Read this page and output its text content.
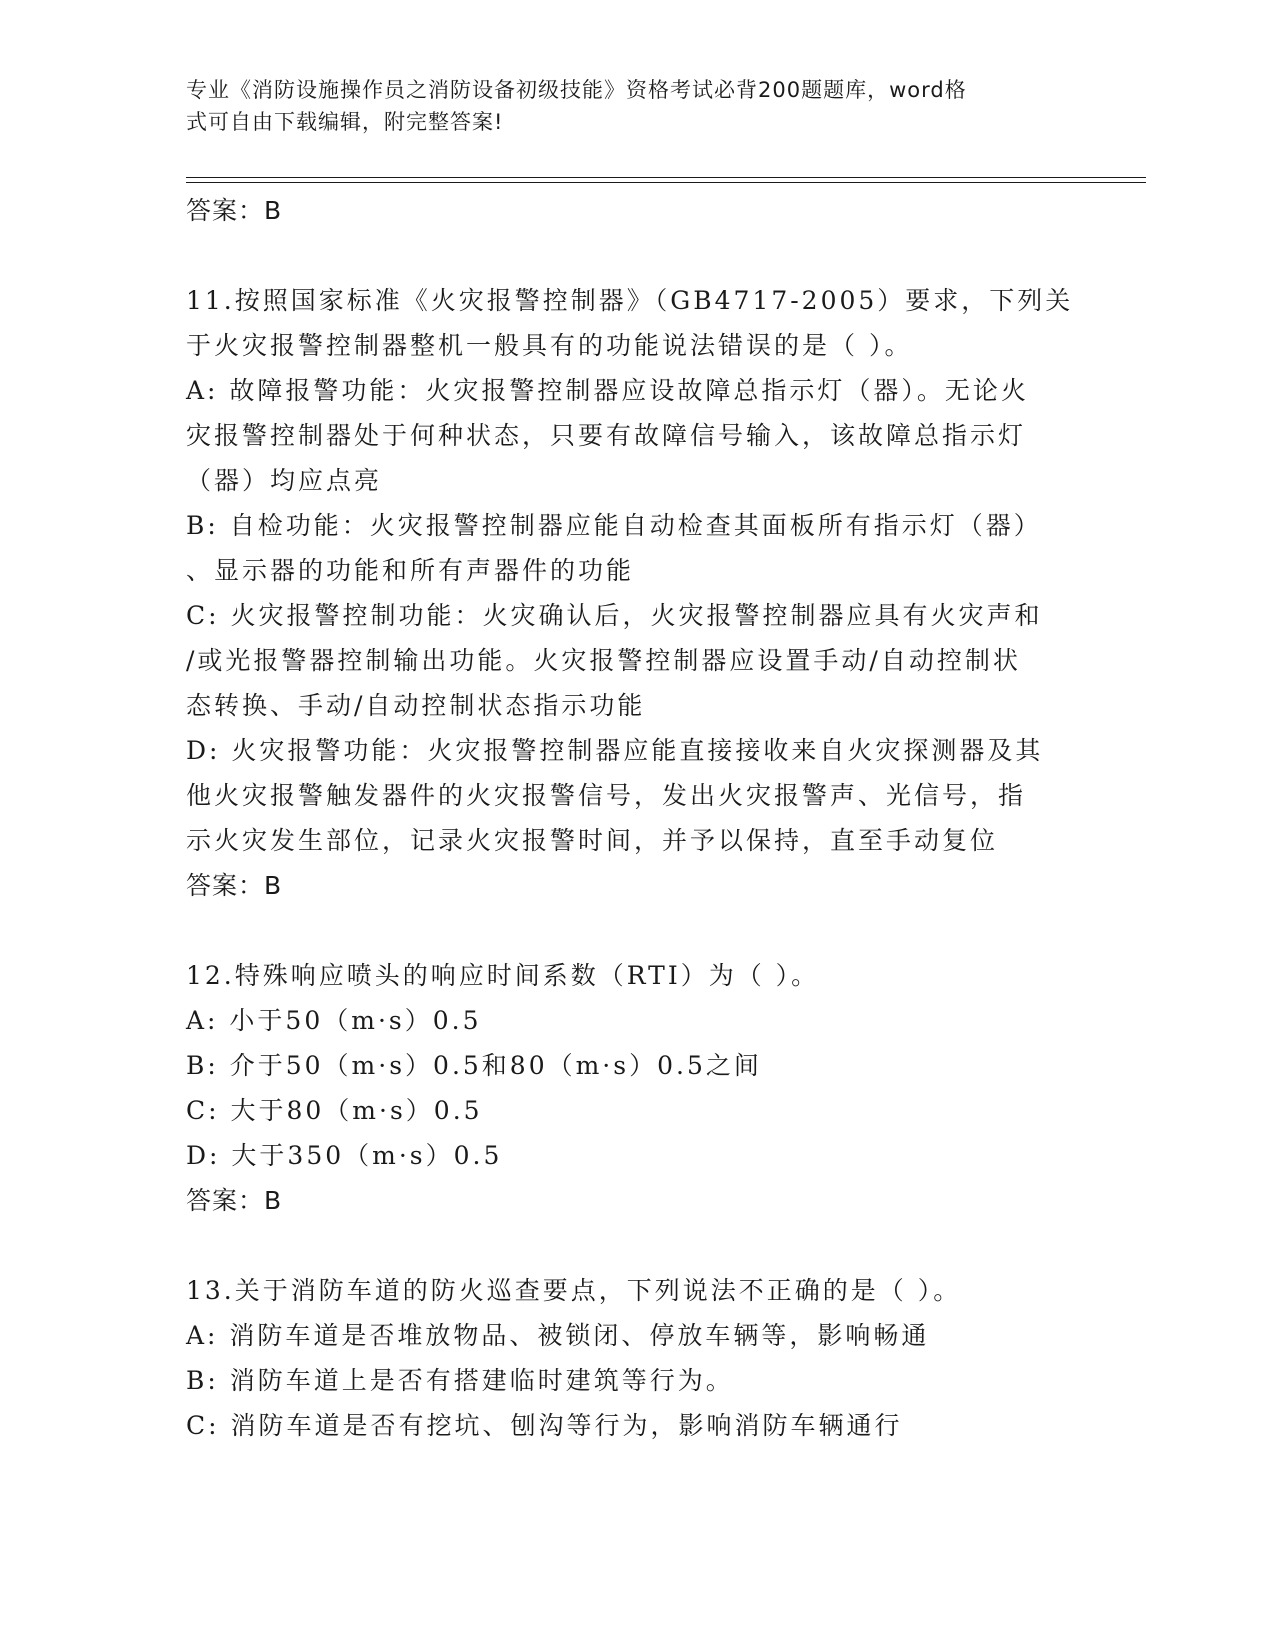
专业《消防设施操作员之消防设备初级技能》资格考试必背200题题库，word格
式可自由下载编辑，附完整答案!
答案：B
11.按照国家标准《火灾报警控制器》（GB4717-2005）要求，下列关
于火灾报警控制器整机一般具有的功能说法错误的是（ ）。
A: 故障报警功能：火灾报警控制器应设故障总指示灯（器）。无论火
灾报警控制器处于何种状态，只要有故障信号输入，该故障总指示灯
（器）均应点亮
B: 自检功能：火灾报警控制器应能自动检查其面板所有指示灯（器）
、显示器的功能和所有声器件的功能
C: 火灾报警控制功能：火灾确认后，火灾报警控制器应具有火灾声和
/或光报警器控制输出功能。火灾报警控制器应设置手动/自动控制状
态转换、手动/自动控制状态指示功能
D: 火灾报警功能：火灾报警控制器应能直接接收来自火灾探测器及其
他火灾报警触发器件的火灾报警信号，发出火灾报警声、光信号，指
示火灾发生部位，记录火灾报警时间，并予以保持，直至手动复位
答案：B
12.特殊响应喷头的响应时间系数（RTI）为（ ）。
A: 小于50（m·s）0.5
B: 介于50（m·s）0.5和80（m·s）0.5之间
C: 大于80（m·s）0.5
D: 大于350（m·s）0.5
答案：B
13.关于消防车道的防火巡查要点，下列说法不正确的是（ ）。
A: 消防车道是否堆放物品、被锁闭、停放车辆等，影响畅通
B: 消防车道上是否有搭建临时建筑等行为。
C: 消防车道是否有挖坑、刨沟等行为，影响消防车辆通行
